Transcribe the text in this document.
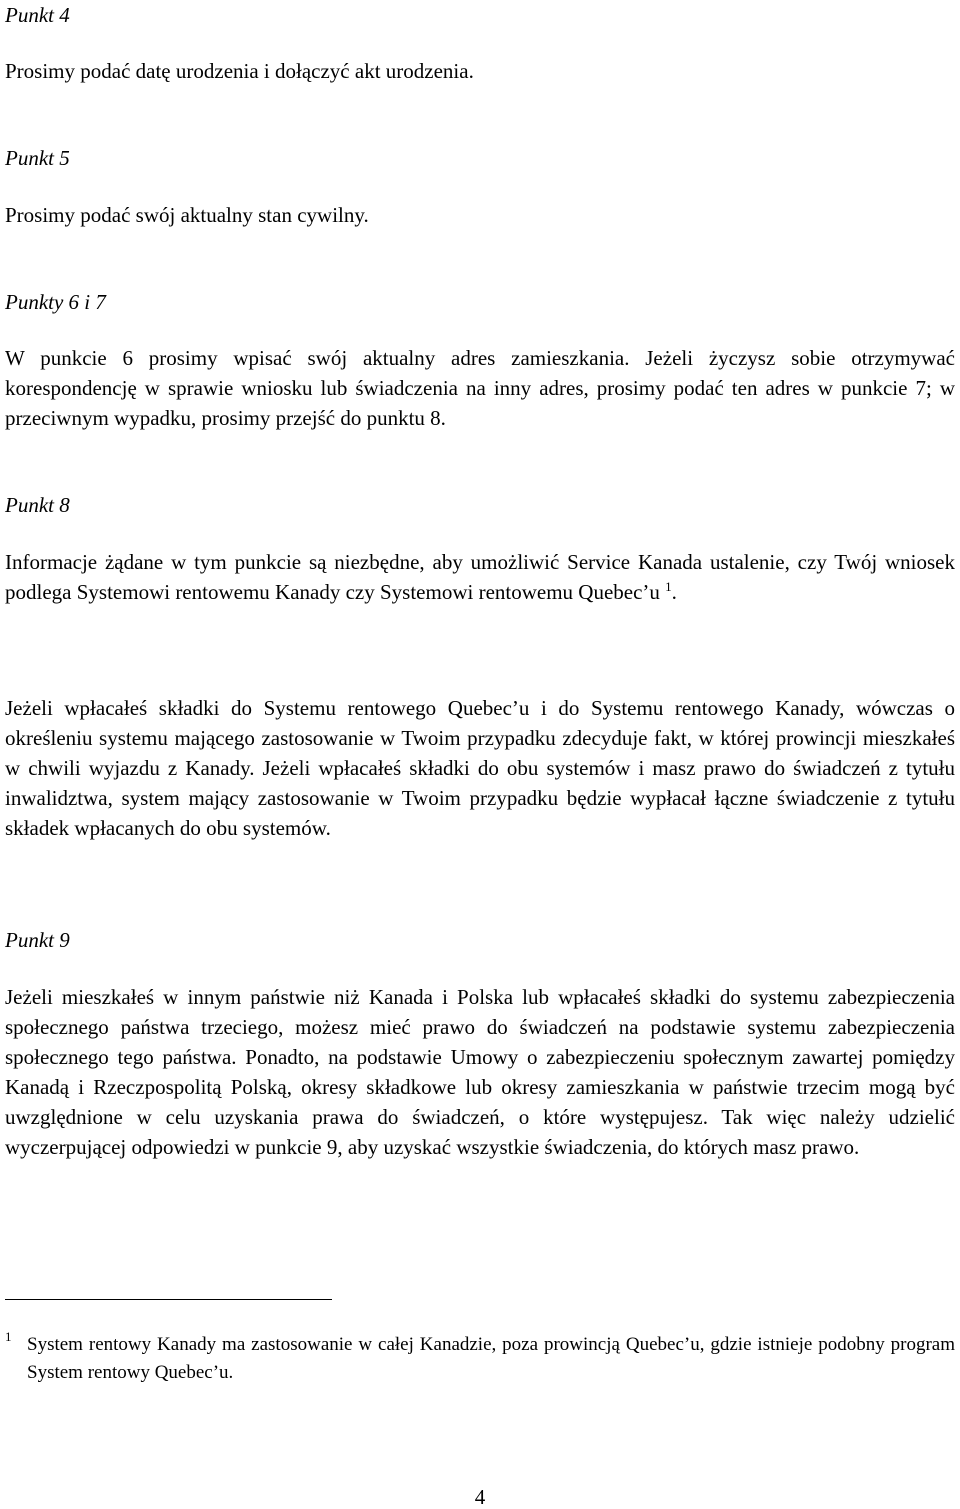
Punkt 4

Prosimy podać datę urodzenia i dołączyć akt urodzenia.

Punkt 5

Prosimy podać swój aktualny stan cywilny.

Punkty 6 i 7

W punkcie 6 prosimy wpisać swój aktualny adres zamieszkania. Jeżeli życzysz sobie otrzymywać korespondencję w sprawie wniosku lub świadczenia na inny adres, prosimy podać ten adres w punkcie 7; w przeciwnym wypadku, prosimy przejść do punktu 8.

Punkt 8

Informacje żądane w tym punkcie są niezbędne, aby umożliwić Service Kanada ustalenie, czy Twój wniosek podlega Systemowi rentowemu Kanady czy Systemowi rentowemu Quebec’u $^1$.

Jeżeli wpłacałeś składki do Systemu rentowego Quebec’u i do Systemu rentowego Kanady, wówczas o określeniu systemu mającego zastosowanie w Twoim przypadku zdecyduje fakt, w której prowincji mieszkałeś w chwili wyjazdu z Kanady. Jeżeli wpłacałeś składki do obu systemów i masz prawo do świadczeń z tytułu inwalidztwa, system mający zastosowanie w Twoim przypadku będzie wypłacał łączne świadczenie z tytułu składek wpłacanych do obu systemów.

Punkt 9

Jeżeli mieszkałeś w innym państwie niż Kanada i Polska lub wpłacałeś składki do systemu zabezpieczenia społecznego państwa trzeciego, możesz mieć prawo do świadczeń na podstawie systemu zabezpieczenia społecznego tego państwa. Ponadto, na podstawie Umowy o zabezpieczeniu społecznym zawartej pomiędzy Kanadą i Rzeczpospolitą Polską, okresy składkowe lub okresy zamieszkania w państwie trzecim mogą być uwzględnione w celu uzyskania prawa do świadczeń, o które występujesz. Tak więc należy udzielić wyczerpującej odpowiedzi w punkcie 9, aby uzyskać wszystkie świadczenia, do których masz prawo.

1 System rentowy Kanady ma zastosowanie w całej Kanadzie, poza prowincją Quebec’u, gdzie istnieje podobny program System rentowy Quebec’u.
4
